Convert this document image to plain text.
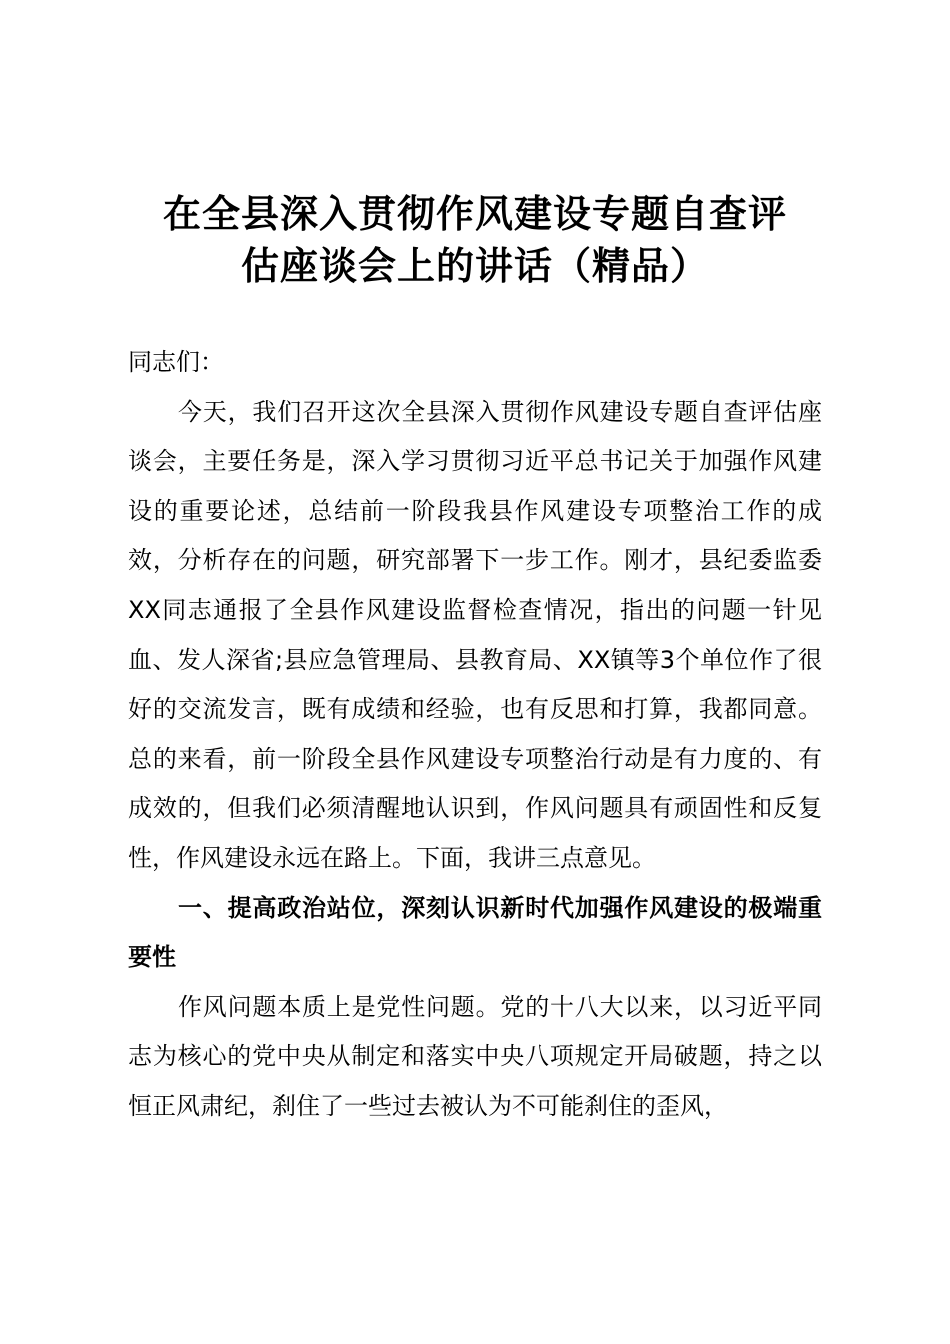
在全县深入贯彻作风建设专题自查评
估座谈会上的讲话（精品）

同志们：

今天，我们召开这次全县深入贯彻作风建设专题自查评估座谈会，主要任务是，深入学习贯彻习近平总书记关于加强作风建设的重要论述，总结前一阶段我县作风建设专项整治工作的成效，分析存在的问题，研究部署下一步工作。刚才，县纪委监委XX同志通报了全县作风建设监督检查情况，指出的问题一针见血、发人深省;县应急管理局、县教育局、XX镇等3个单位作了很好的交流发言，既有成绩和经验，也有反思和打算，我都同意。总的来看，前一阶段全县作风建设专项整治行动是有力度的、有成效的，但我们必须清醒地认识到，作风问题具有顽固性和反复性，作风建设永远在路上。下面，我讲三点意见。

一、提高政治站位，深刻认识新时代加强作风建设的极端重要性

作风问题本质上是党性问题。党的十八大以来，以习近平同志为核心的党中央从制定和落实中央八项规定开局破题，持之以恒正风肃纪，刹住了一些过去被认为不可能刹住的歪风，
